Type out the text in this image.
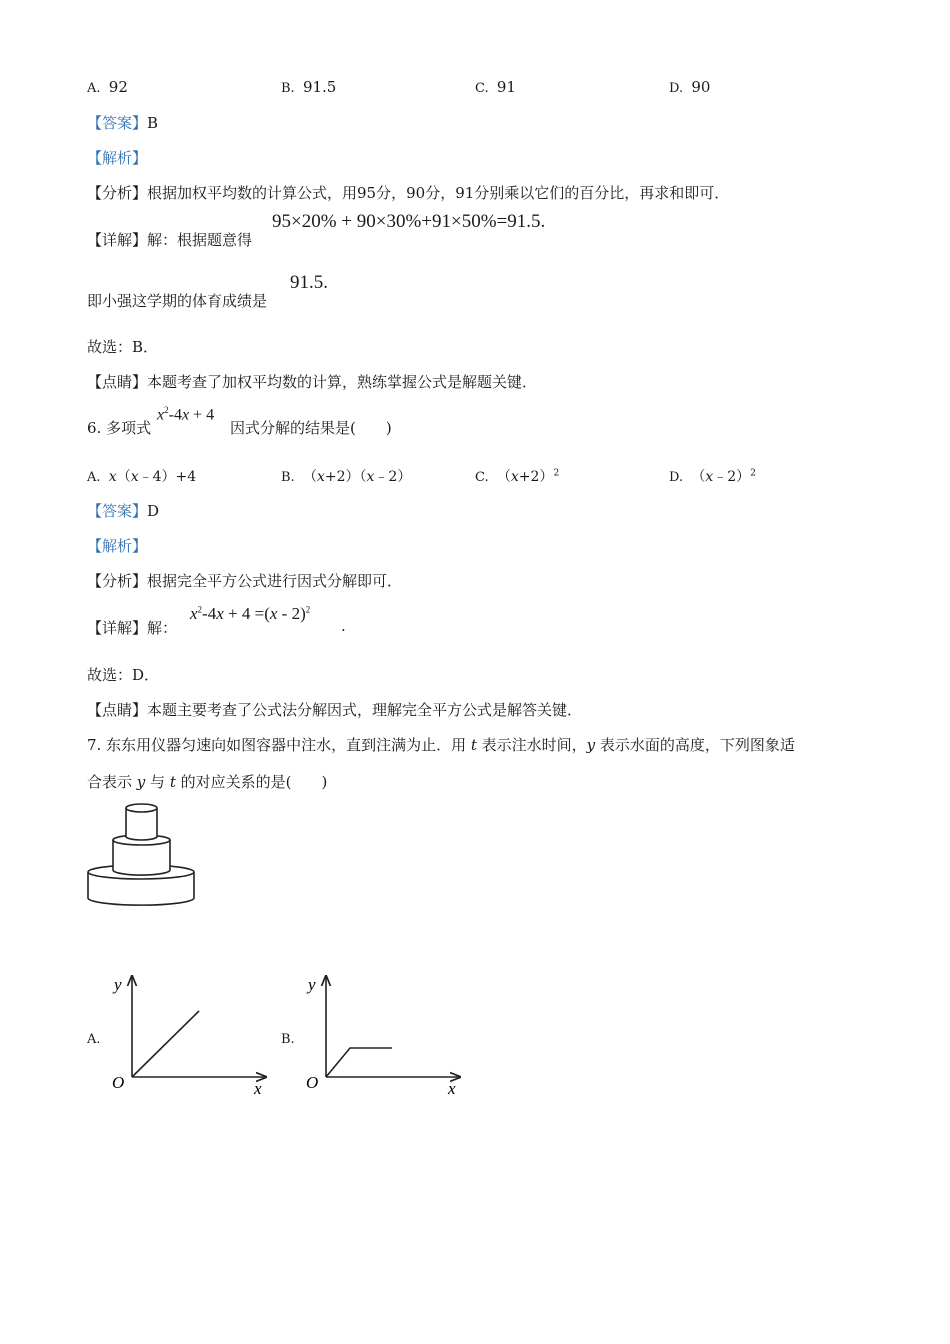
A. 92	B. 91.5	C. 91	D. 90
【答案】B
【解析】
【分析】根据加权平均数的计算公式，用95分，90分，91分别乘以它们的百分比，再求和即可．
【详解】解：根据题意得
95×20% + 90×30%+91×50%=91.5.
即小强这学期的体育成绩是
91.5.
故选：B．
【点睛】本题考查了加权平均数的计算，熟练掌握公式是解题关键．
6. 多项式
$x^2-4x + 4$
因式分解的结果是(　　)
A. x（x﹣4）+4	B. （x+2）（x﹣2）	C. $(x+2)^2$	D. （x﹣2）$^2$
【答案】D
【解析】
【分析】根据完全平方公式进行因式分解即可．
【详解】解：
$x^2-4x + 4 =(x - 2)^2$
.
故选：D．
【点睛】本题主要考查了公式法分解因式，理解完全平方公式是解答关键．
7. 东东用仪器匀速向如图容器中注水，直到注满为止．用 t 表示注水时间，y 表示水面的高度，下列图象适
合表示 y 与 t 的对应关系的是(　　)
A.
y
x
O
B.
y
x
O
